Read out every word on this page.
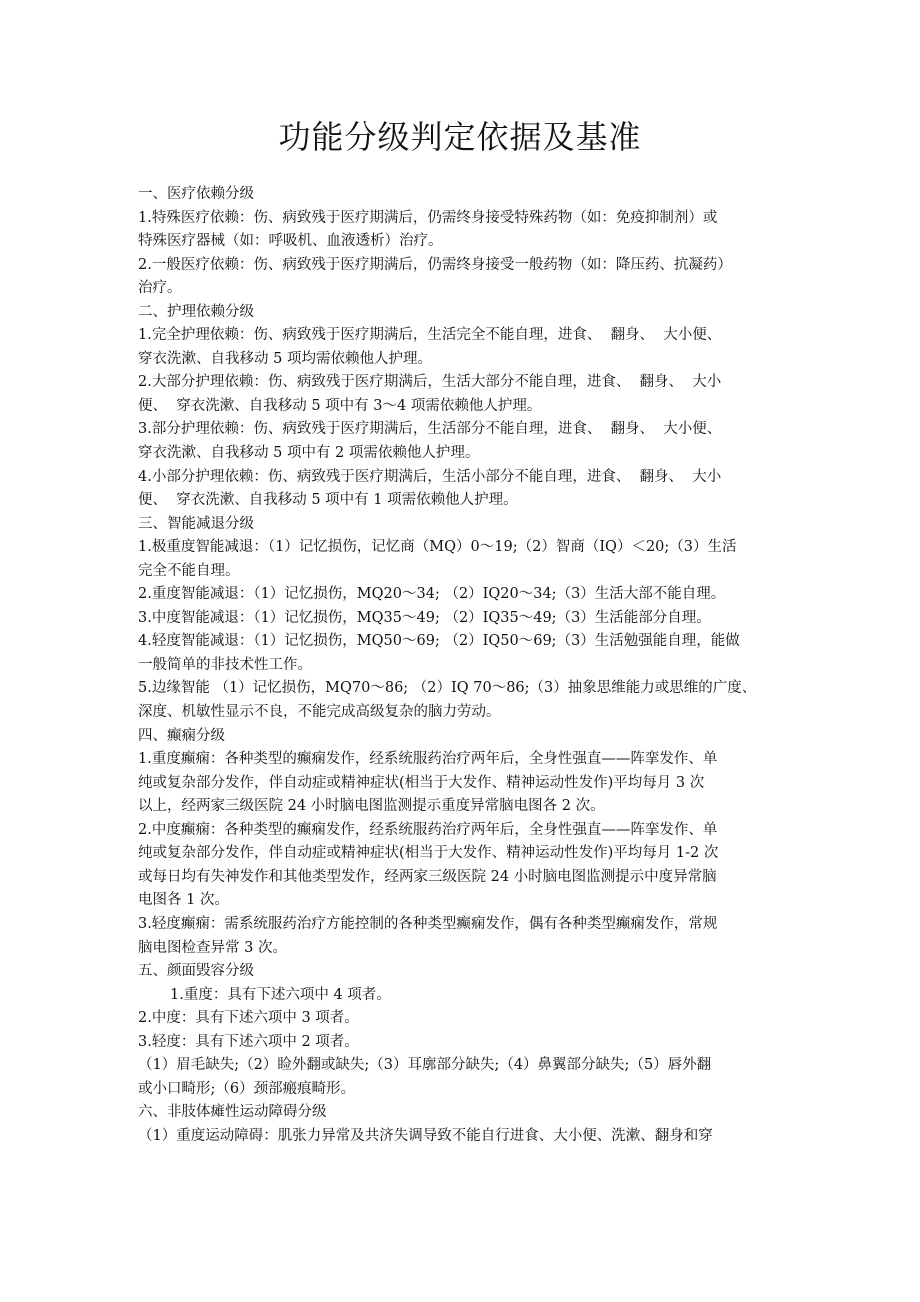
功能分级判定依据及基准
一、医疗依赖分级
1.特殊医疗依赖：伤、病致残于医疗期满后，仍需终身接受特殊药物（如：免疫抑制剂）或
特殊医疗器械（如：呼吸机、血液透析）治疗。
2.一般医疗依赖：伤、病致残于医疗期满后，仍需终身接受一般药物（如：降压药、抗凝药）
治疗。
二、护理依赖分级
1.完全护理依赖：伤、病致残于医疗期满后，生活完全不能自理，进食、  翻身、  大小便、
穿衣洗漱、自我移动 5 项均需依赖他人护理。
2.大部分护理依赖：伤、病致残于医疗期满后，生活大部分不能自理，进食、  翻身、  大小
便、  穿衣洗漱、自我移动 5 项中有 3～4 项需依赖他人护理。
3.部分护理依赖：伤、病致残于医疗期满后，生活部分不能自理，进食、  翻身、  大小便、
穿衣洗漱、自我移动 5 项中有 2 项需依赖他人护理。
4.小部分护理依赖：伤、病致残于医疗期满后，生活小部分不能自理，进食、  翻身、  大小
便、  穿衣洗漱、自我移动 5 项中有 1 项需依赖他人护理。
三、智能减退分级
1.极重度智能减退：（1）记忆损伤，记忆商（MQ）0～19;（2）智商（IQ）＜20;（3）生活
完全不能自理。
2.重度智能减退：（1）记忆损伤，MQ20～34; （2）IQ20～34;（3）生活大部不能自理。
3.中度智能减退：（1）记忆损伤，MQ35～49; （2）IQ35～49;（3）生活能部分自理。
4.轻度智能减退：（1）记忆损伤，MQ50～69; （2）IQ50～69;（3）生活勉强能自理，能做
一般简单的非技术性工作。
5.边缘智能 （1）记忆损伤，MQ70～86; （2）IQ 70～86;（3）抽象思维能力或思维的广度、
深度、机敏性显示不良，不能完成高级复杂的脑力劳动。
四、癫痫分级
1.重度癫痫：各种类型的癫痫发作，经系统服药治疗两年后，全身性强直——阵挛发作、单
纯或复杂部分发作，伴自动症或精神症状(相当于大发作、精神运动性发作)平均每月 3 次
以上，经两家三级医院 24 小时脑电图监测提示重度异常脑电图各 2 次。
2.中度癫痫：各种类型的癫痫发作，经系统服药治疗两年后，全身性强直——阵挛发作、单
纯或复杂部分发作，伴自动症或精神症状(相当于大发作、精神运动性发作)平均每月 1-2 次
或每日均有失神发作和其他类型发作，经两家三级医院 24 小时脑电图监测提示中度异常脑
电图各 1 次。
3.轻度癫痫：需系统服药治疗方能控制的各种类型癫痫发作，偶有各种类型癫痫发作，常规
脑电图检查异常 3 次。
五、颜面毁容分级
1.重度：具有下述六项中 4 项者。
2.中度：具有下述六项中 3 项者。
3.轻度：具有下述六项中 2 项者。
（1）眉毛缺失;（2）睑外翻或缺失;（3）耳廓部分缺失;（4）鼻翼部分缺失;（5）唇外翻
或小口畸形;（6）颈部瘢痕畸形。
六、非肢体瘫性运动障碍分级
（1）重度运动障碍：肌张力异常及共济失调导致不能自行进食、大小便、洗漱、翻身和穿
